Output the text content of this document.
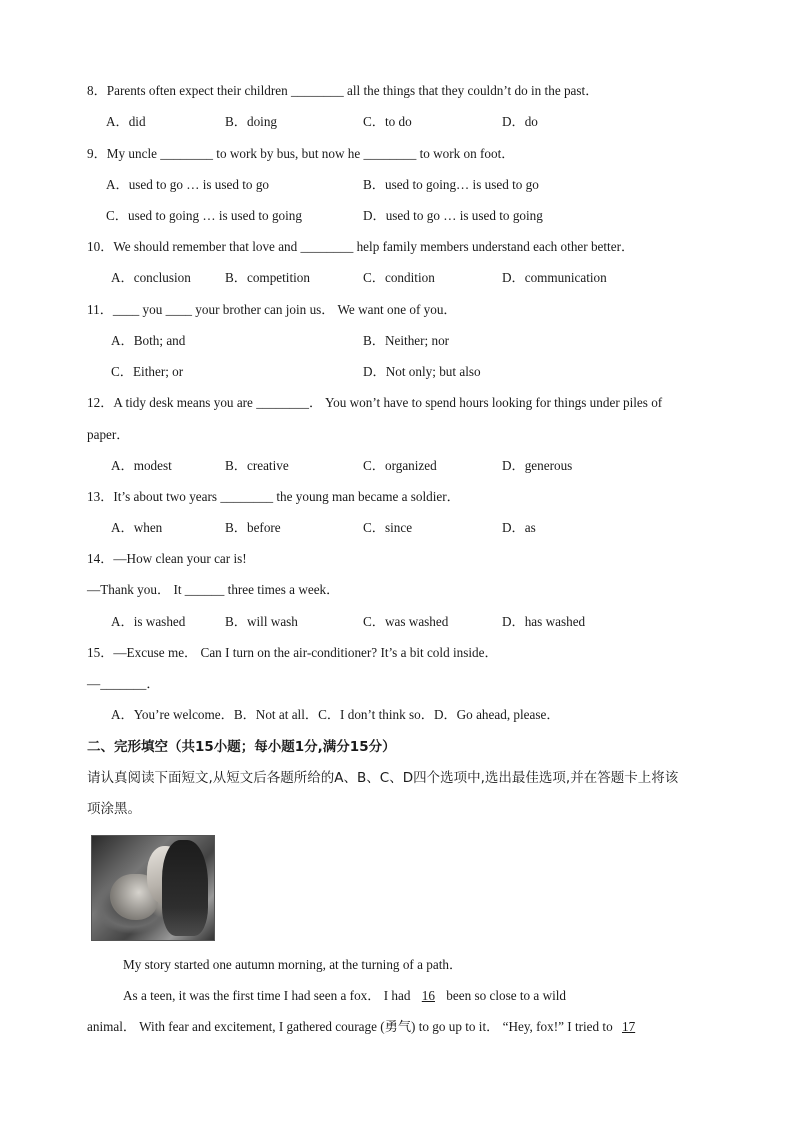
8．Parents often expect their children ________ all the things that they couldn’t do in the past．
A．did	B．doing	C．to do	D．do
9．My uncle ________ to work by bus, but now he ________ to work on foot．
A．used to go … is used to go	B．used to going… is used to go
C．used to going … is used to going	D．used to go … is used to going
10．We should remember that love and ________ help family members understand each other better．
A．conclusion	B．competition	C．condition	D．communication
11．____ you ____ your brother can join us． We want one of you．
A．Both; and	B．Neither; nor
C．Either; or	D．Not only; but also
12．A tidy desk means you are ________． You won’t have to spend hours looking for things under piles of
paper．
A．modest	B．creative	C．organized	D．generous
13．It’s about two years ________ the young man became a soldier．
A．when	B．before	C．since	D．as
14．—How clean your car is!
—Thank you． It ______ three times a week．
A．is washed	B．will wash	C．was washed	D．has washed
15．—Excuse me． Can I turn on the air-conditioner? It’s a bit cold inside．
—_______．
A．You’re welcome．B．Not at all．C．I don’t think so．D．Go ahead, please．
二、完形填空（共15小题；每小题1分,满分15分）
请认真阅读下面短文,从短文后各题所给的A、B、C、D四个选项中,选出最佳选项,并在答题卡上将该
项涂黑。
My story started one autumn morning, at the turning of a path．
As a teen, it was the first time I had seen a fox． I had 16 been so close to a wild
animal． With fear and excitement, I gathered courage (勇气) to go up to it． “Hey, fox!” I tried to 17
